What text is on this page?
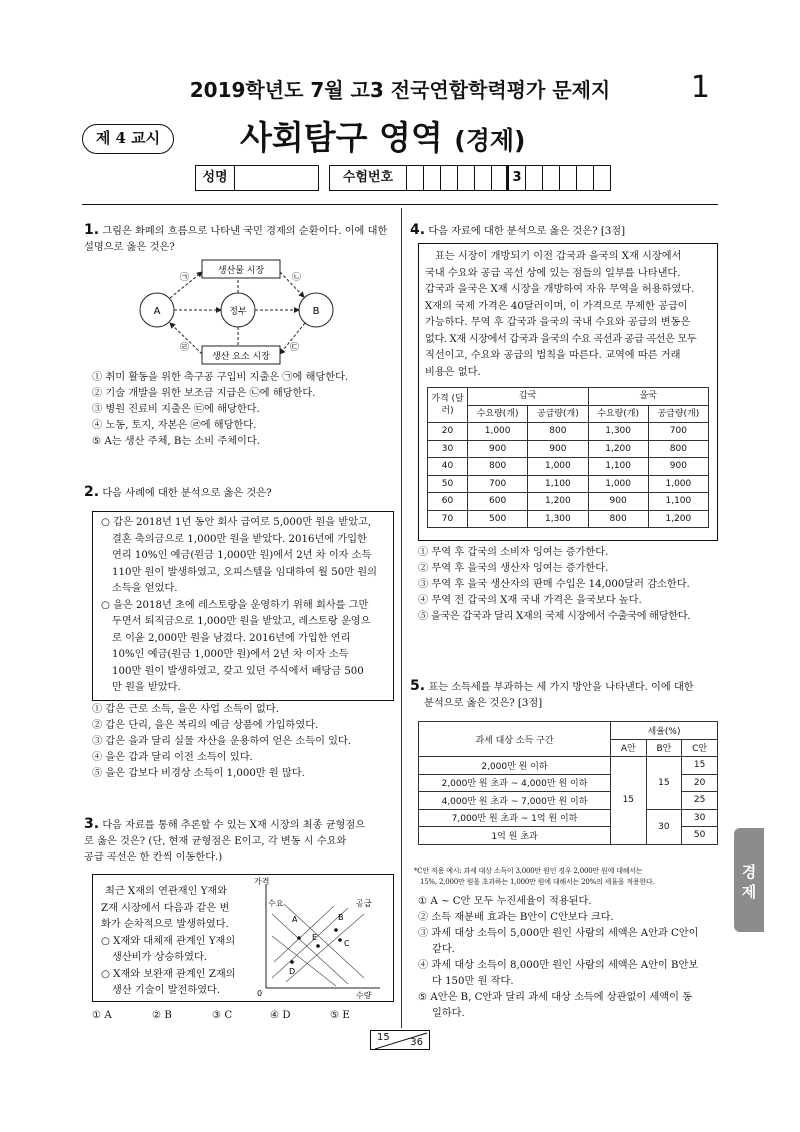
2019학년도 7월 고3 전국연합학력평가 문제지	1
제 4 교시	사회탐구 영역 (경제)
성명	수험번호	3
1. 그림은 화폐의 흐름으로 나타낸 국민 경제의 순환이다. 이에 대한 설명으로 옳은 것은?
생산물 시장
생산 요소 시장
A	B
정부
㉠	㉡
㉣	㉢
① 취미 활동을 위한 축구공 구입비 지출은 ㉠에 해당한다.
② 기술 개발을 위한 보조금 지급은 ㉡에 해당한다.
③ 병원 진료비 지출은 ㉢에 해당한다.
④ 노동, 토지, 자본은 ㉣에 해당한다.
⑤ A는 생산 주체, B는 소비 주체이다.
2. 다음 사례에 대한 분석으로 옳은 것은?
○ 갑은 2018년 1년 동안 회사 급여로 5,000만 원을 받았고,
결혼 축의금으로 1,000만 원을 받았다. 2016년에 가입한
연리 10%인 예금(원금 1,000만 원)에서 2년 차 이자 소득
110만 원이 발생하였고, 오피스텔을 임대하여 월 50만 원의
소득을 얻었다.
○ 을은 2018년 초에 레스토랑을 운영하기 위해 회사를 그만
두면서 퇴직금으로 1,000만 원을 받았고, 레스토랑 운영으
로 이윤 2,000만 원을 남겼다. 2016년에 가입한 연리
10%인 예금(원금 1,000만 원)에서 2년 차 이자 소득
100만 원이 발생하였고, 갖고 있던 주식에서 배당금 500
만 원을 받았다.
① 갑은 근로 소득, 을은 사업 소득이 없다.
② 갑은 단리, 을은 복리의 예금 상품에 가입하였다.
③ 갑은 을과 달리 실물 자산을 운용하여 얻은 소득이 있다.
④ 을은 갑과 달리 이전 소득이 있다.
⑤ 을은 갑보다 비경상 소득이 1,000만 원 많다.
3. 다음 자료를 통해 추론할 수 있는 X재 시장의 최종 균형점으
로 옳은 것은? (단, 현재 균형점은 E이고, 각 변동 시 수요와
공급 곡선은 한 칸씩 이동한다.)
최근 X재의 연관재인 Y재와
Z재 시장에서 다음과 같은 변
화가 순차적으로 발생하였다.
○ X재와 대체재 관계인 Y재의
생산비가 상승하였다.
○ X재와 보완재 관계인 Z재의
생산 기술이 발전하였다.
가격
수량
0
수요	공급
A	B
C
D
E
① A	② B	③ C	④ D	⑤ E
4. 다음 자료에 대한 분석으로 옳은 것은? [3점]
표는 시장이 개방되기 이전 갑국과 을국의 X재 시장에서
국내 수요와 공급 곡선 상에 있는 점들의 일부를 나타낸다.
갑국과 을국은 X재 시장을 개방하여 자유 무역을 허용하였다.
X재의 국제 가격은 40달러이며, 이 가격으로 무제한 공급이
가능하다. 무역 후 갑국과 을국의 국내 수요와 공급의 변동은
없다. X재 시장에서 갑국과 을국의 수요 곡선과 공급 곡선은 모두
직선이고, 수요와 공급의 법칙을 따른다. 교역에 따른 거래
비용은 없다.
가격 (달러)	갑국		을국	
	수요량(개)	공급량(개)	수요량(개)	공급량(개)
20	1,000	800	1,300	700
30	900	900	1,200	800
40	800	1,000	1,100	900
50	700	1,100	1,000	1,000
60	600	1,200	900	1,100
70	500	1,300	800	1,200
① 무역 후 갑국의 소비자 잉여는 증가한다.
② 무역 후 을국의 생산자 잉여는 증가한다.
③ 무역 후 을국 생산자의 판매 수입은 14,000달러 감소한다.
④ 무역 전 갑국의 X재 국내 가격은 을국보다 높다.
⑤ 을국은 갑국과 달리 X재의 국제 시장에서 수출국에 해당한다.
5. 표는 소득세를 부과하는 세 가지 방안을 나타낸다. 이에 대한
분석으로 옳은 것은? [3점]
과세 대상 소득 구간	세율(%)		
	A안	B안	C안
2,000만 원 이하	15	15	15
2,000만 원 초과 ~ 4,000만 원 이하			20
4,000만 원 초과 ~ 7,000만 원 이하			25
7,000만 원 초과 ~ 1억 원 이하		30	30
1억 원 초과			50
*C안 적용 예시: 과세 대상 소득이 3,000만 원인 경우 2,000만 원에 대해서는
15%, 2,000만 원을 초과하는 1,000만 원에 대해서는 20%의 세율을 적용한다.
① A ~ C안 모두 누진세율이 적용된다.
② 소득 재분배 효과는 B안이 C안보다 크다.
③ 과세 대상 소득이 5,000만 원인 사람의 세액은 A안과 C안이
같다.
④ 과세 대상 소득이 8,000만 원인 사람의 세액은 A안이 B안보
다 150만 원 작다.
⑤ A안은 B, C안과 달리 과세 대상 소득에 상관없이 세액이 동
일하다.
경제
15 36
